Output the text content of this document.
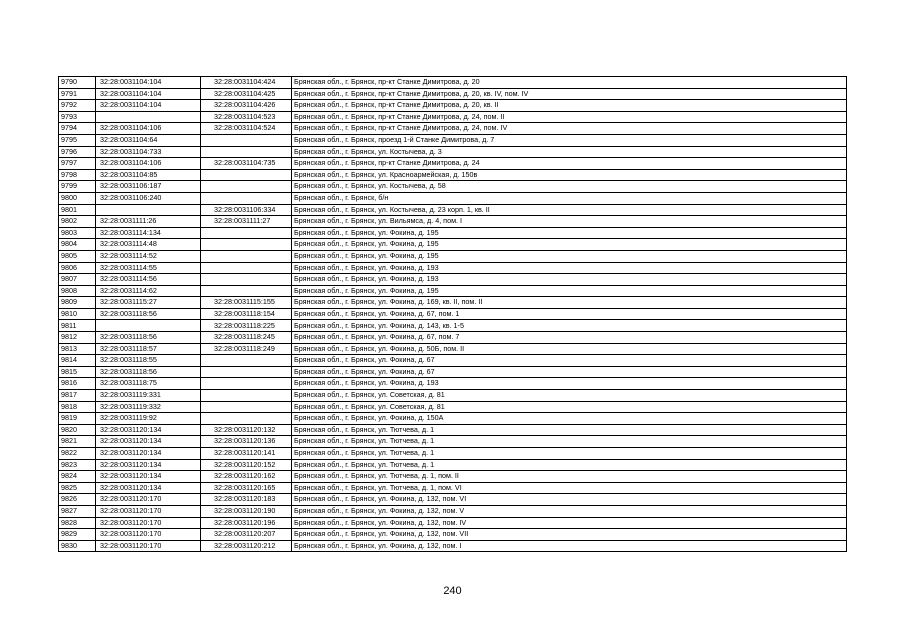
9790	32:28:0031104:104	32:28:0031104:424	Брянская обл., г. Брянск, пр-кт Станке Димитрова, д. 20
9791	32:28:0031104:104	32:28:0031104:425	Брянская обл., г. Брянск, пр-кт Станке Димитрова, д. 20, кв. IV, пом. IV
9792	32:28:0031104:104	32:28:0031104:426	Брянская обл., г. Брянск, пр-кт Станке Димитрова, д. 20, кв. II
9793		32:28:0031104:523	Брянская обл., г. Брянск, пр-кт Станке Димитрова, д. 24, пом. II
9794	32:28:0031104:106	32:28:0031104:524	Брянская обл., г. Брянск, пр-кт Станке Димитрова, д. 24, пом. IV
9795	32:28:0031104:64		Брянская обл., г. Брянск, проезд 1-й Станке Димитрова, д. 7
9796	32:28:0031104:733		Брянская обл., г. Брянск, ул. Костычева, д. 3
9797	32:28:0031104:106	32:28:0031104:735	Брянская обл., г. Брянск, пр-кт Станке Димитрова, д. 24
9798	32:28:0031104:85		Брянская обл., г. Брянск, ул. Красноармейская, д. 150в
9799	32:28:0031106:187		Брянская обл., г. Брянск, ул. Костычева, д. 58
9800	32:28:0031106:240		Брянская обл., г. Брянск, б/н
9801		32:28:0031106:334	Брянская обл., г. Брянск, ул. Костычева, д. 23 корп. 1, кв. II
9802	32:28:0031111:26	32:28:0031111:27	Брянская обл., г. Брянск, ул. Вильямса, д. 4, пом. I
9803	32:28:0031114:134		Брянская обл., г. Брянск, ул. Фокина, д. 195
9804	32:28:0031114:48		Брянская обл., г. Брянск, ул. Фокина, д. 195
9805	32:28:0031114:52		Брянская обл., г. Брянск, ул. Фокина, д. 195
9806	32:28:0031114:55		Брянская обл., г. Брянск, ул. Фокина, д. 193
9807	32:28:0031114:56		Брянская обл., г. Брянск, ул. Фокина, д. 193
9808	32:28:0031114:62		Брянская обл., г. Брянск, ул. Фокина, д. 195
9809	32:28:0031115:27	32:28:0031115:155	Брянская обл., г. Брянск, ул. Фокина, д. 169, кв. II, пом. II
9810	32:28:0031118:56	32:28:0031118:154	Брянская обл., г. Брянск, ул. Фокина, д. 67, пом. 1
9811		32:28:0031118:225	Брянская обл., г. Брянск, ул. Фокина, д. 143, кв. 1-5
9812	32:28:0031118:56	32:28:0031118:245	Брянская обл., г. Брянск, ул. Фокина, д. 67, пом. 7
9813	32:28:0031118:57	32:28:0031118:249	Брянская обл., г. Брянск, ул. Фокина, д. 50Б, пом. II
9814	32:28:0031118:55		Брянская обл., г. Брянск, ул. Фокина, д. 67
9815	32:28:0031118:56		Брянская обл., г. Брянск, ул. Фокина, д. 67
9816	32:28:0031118:75		Брянская обл., г. Брянск, ул. Фокина, д. 193
9817	32:28:0031119:331		Брянская обл., г. Брянск, ул. Советская, д. 81
9818	32:28:0031119:332		Брянская обл., г. Брянск, ул. Советская, д. 81
9819	32:28:0031119:92		Брянская обл., г. Брянск, ул. Фокина, д. 150А
9820	32:28:0031120:134	32:28:0031120:132	Брянская обл., г. Брянск, ул. Тютчева, д. 1
9821	32:28:0031120:134	32:28:0031120:136	Брянская обл., г. Брянск, ул. Тютчева, д. 1
9822	32:28:0031120:134	32:28:0031120:141	Брянская обл., г. Брянск, ул. Тютчева, д. 1
9823	32:28:0031120:134	32:28:0031120:152	Брянская обл., г. Брянск, ул. Тютчева, д. 1
9824	32:28:0031120:134	32:28:0031120:162	Брянская обл., г. Брянск, ул. Тютчева, д. 1, пом. II
9825	32:28:0031120:134	32:28:0031120:165	Брянская обл., г. Брянск, ул. Тютчева, д. 1, пом. VI
9826	32:28:0031120:170	32:28:0031120:183	Брянская обл., г. Брянск, ул. Фокина, д. 132, пом. VI
9827	32:28:0031120:170	32:28:0031120:190	Брянская обл., г. Брянск, ул. Фокина, д. 132, пом. V
9828	32:28:0031120:170	32:28:0031120:196	Брянская обл., г. Брянск, ул. Фокина, д. 132, пом. IV
9829	32:28:0031120:170	32:28:0031120:207	Брянская обл., г. Брянск, ул. Фокина, д. 132, пом. VII
9830	32:28:0031120:170	32:28:0031120:212	Брянская обл., г. Брянск, ул. Фокина, д. 132, пом. I
240
